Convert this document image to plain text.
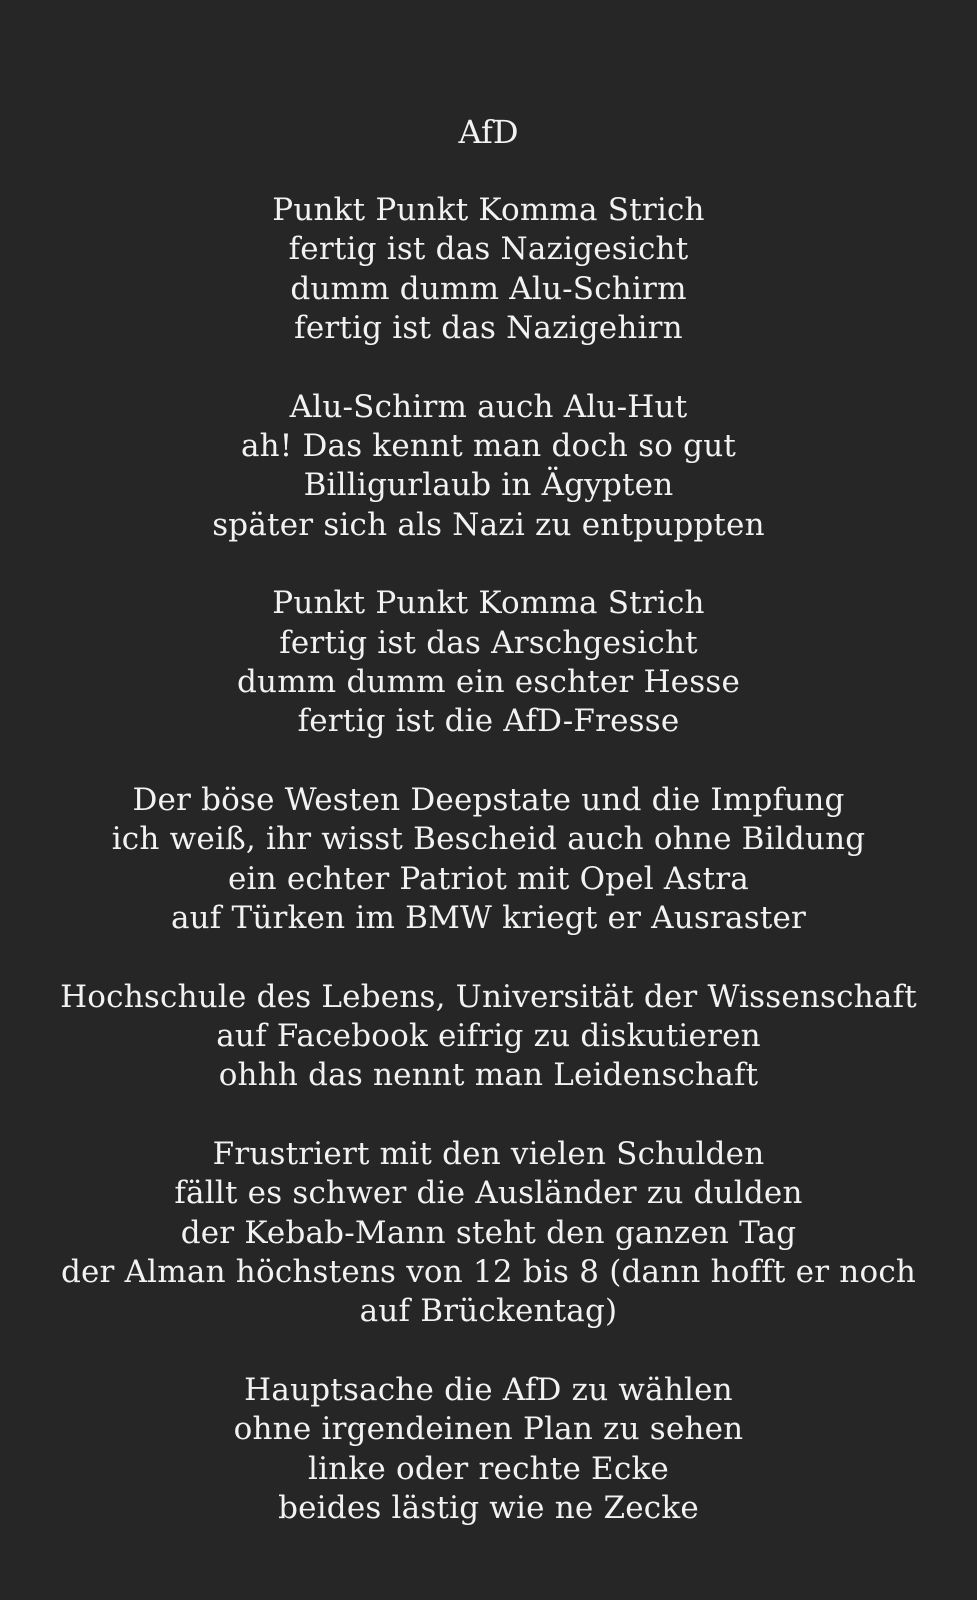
AfD

Punkt Punkt Komma Strich

fertig ist das Nazigesicht

dumm dumm Alu-Schirm

fertig ist das Nazigehirn

Alu-Schirm auch Alu-Hut

ah! Das kennt man doch so gut

Billigurlaub in Ägypten

später sich als Nazi zu entpuppten

Punkt Punkt Komma Strich

fertig ist das Arschgesicht

dumm dumm ein eschter Hesse

fertig ist die AfD-Fresse

Der böse Westen Deepstate und die Impfung

ich weiß, ihr wisst Bescheid auch ohne Bildung

ein echter Patriot mit Opel Astra

auf Türken im BMW kriegt er Ausraster

Hochschule des Lebens, Universität der Wissenschaft

auf Facebook eifrig zu diskutieren

ohhh das nennt man Leidenschaft

Frustriert mit den vielen Schulden

fällt es schwer die Ausländer zu dulden

der Kebab-Mann steht den ganzen Tag

der Alman höchstens von 12 bis 8 (dann hofft er noch auf Brückentag)

Hauptsache die AfD zu wählen

ohne irgendeinen Plan zu sehen

linke oder rechte Ecke

beides lästig wie ne Zecke
